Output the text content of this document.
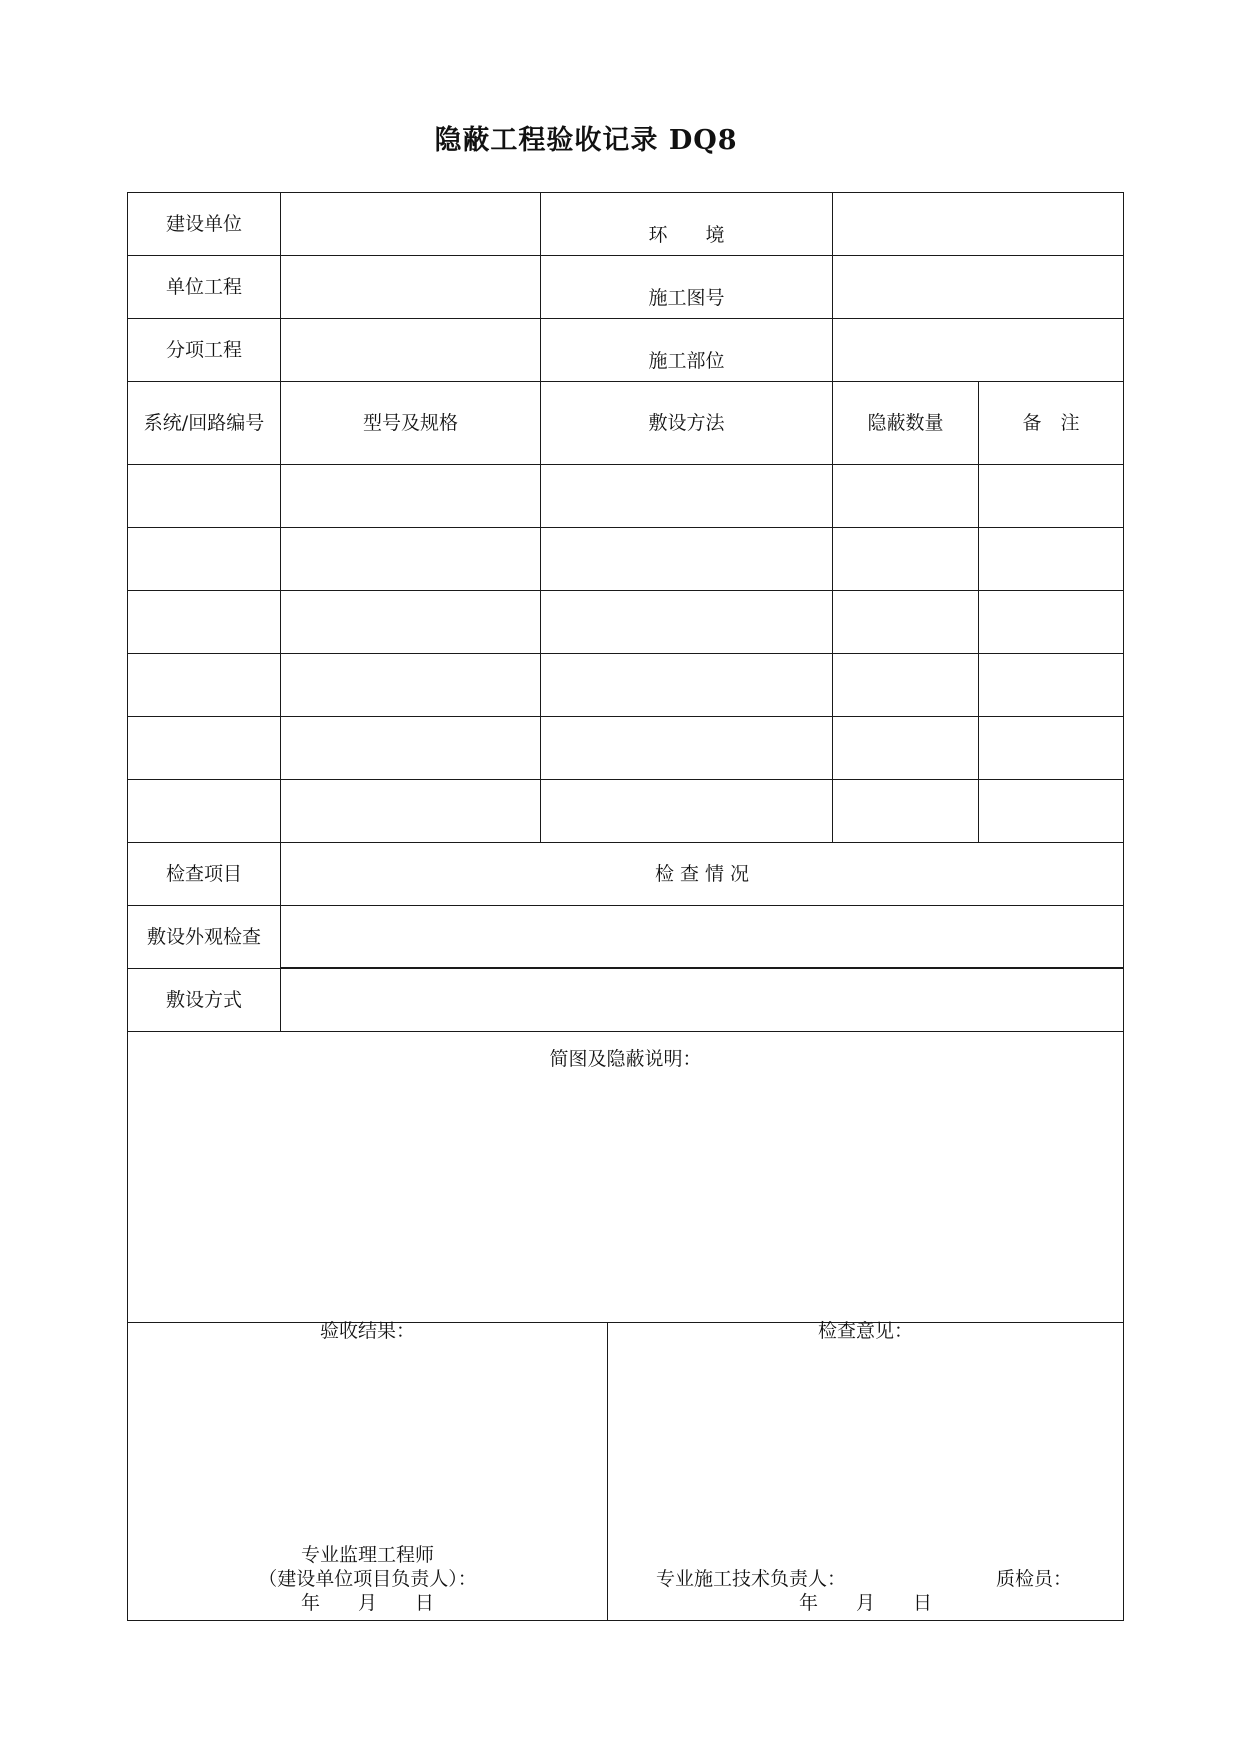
隐蔽工程验收记录 DQ8
建设单位	环　　境
单位工程	施工图号
分项工程	施工部位
系统/回路编号	型号及规格	敷设方法	隐蔽数量	备　注
检查项目	检 查 情 况
敷设外观检查
敷设方式
简图及隐蔽说明：
验收结果：
专业监理工程师
（建设单位项目负责人）：
年　　月　　日
检查意见：
专业施工技术负责人：	质检员：
年　　月　　日
